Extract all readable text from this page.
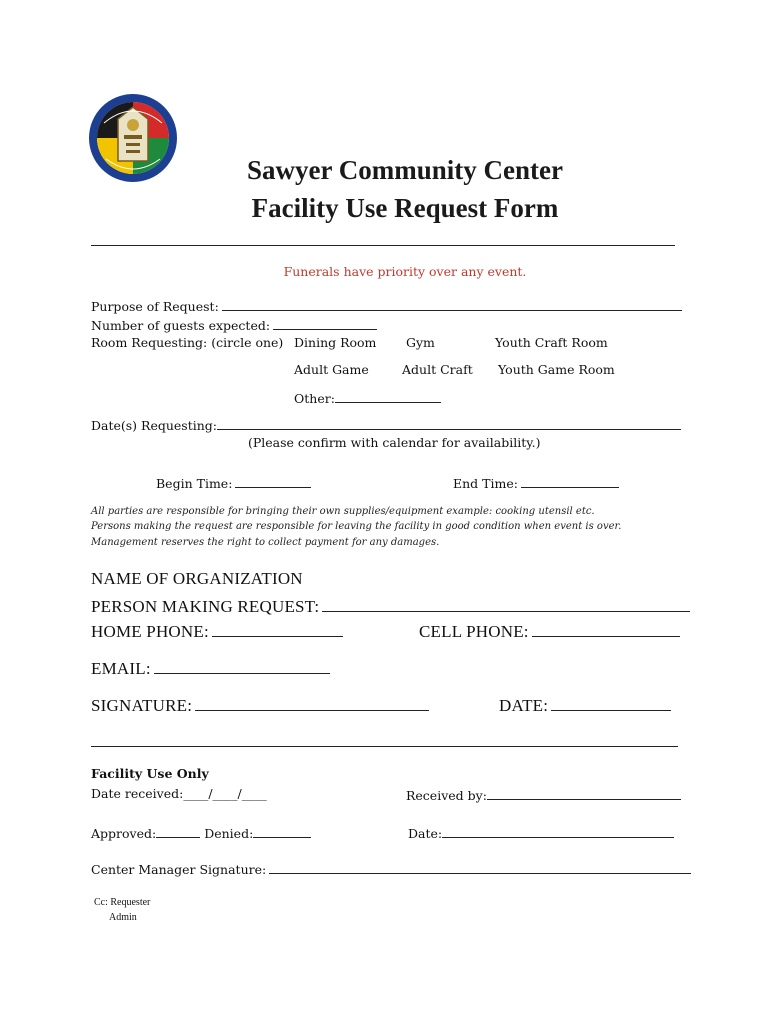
Sawyer Community Center
Facility Use Request Form
Funerals have priority over any event.
Purpose of Request:
Number of guests expected:
Room Requesting: (circle one) Dining Room Gym	Youth Craft Room
Adult Game	Adult Craft Youth Game Room
Other:
Date(s) Requesting:
(Please confirm with calendar for availability.)
Begin Time:	End Time:
All parties are responsible for bringing their own supplies/equipment example: cooking utensil etc.
Persons making the request are responsible for leaving the facility in good condition when event is over.
Management reserves the right to collect payment for any damages.
NAME OF ORGANIZATION
PERSON MAKING REQUEST:
HOME PHONE:	CELL PHONE:
EMAIL:
SIGNATURE:	DATE:
Facility Use Only
Date received:____/____/____	Received by:
Approved:	Denied:	Date:
Center Manager Signature:
Cc: Requester
Admin
